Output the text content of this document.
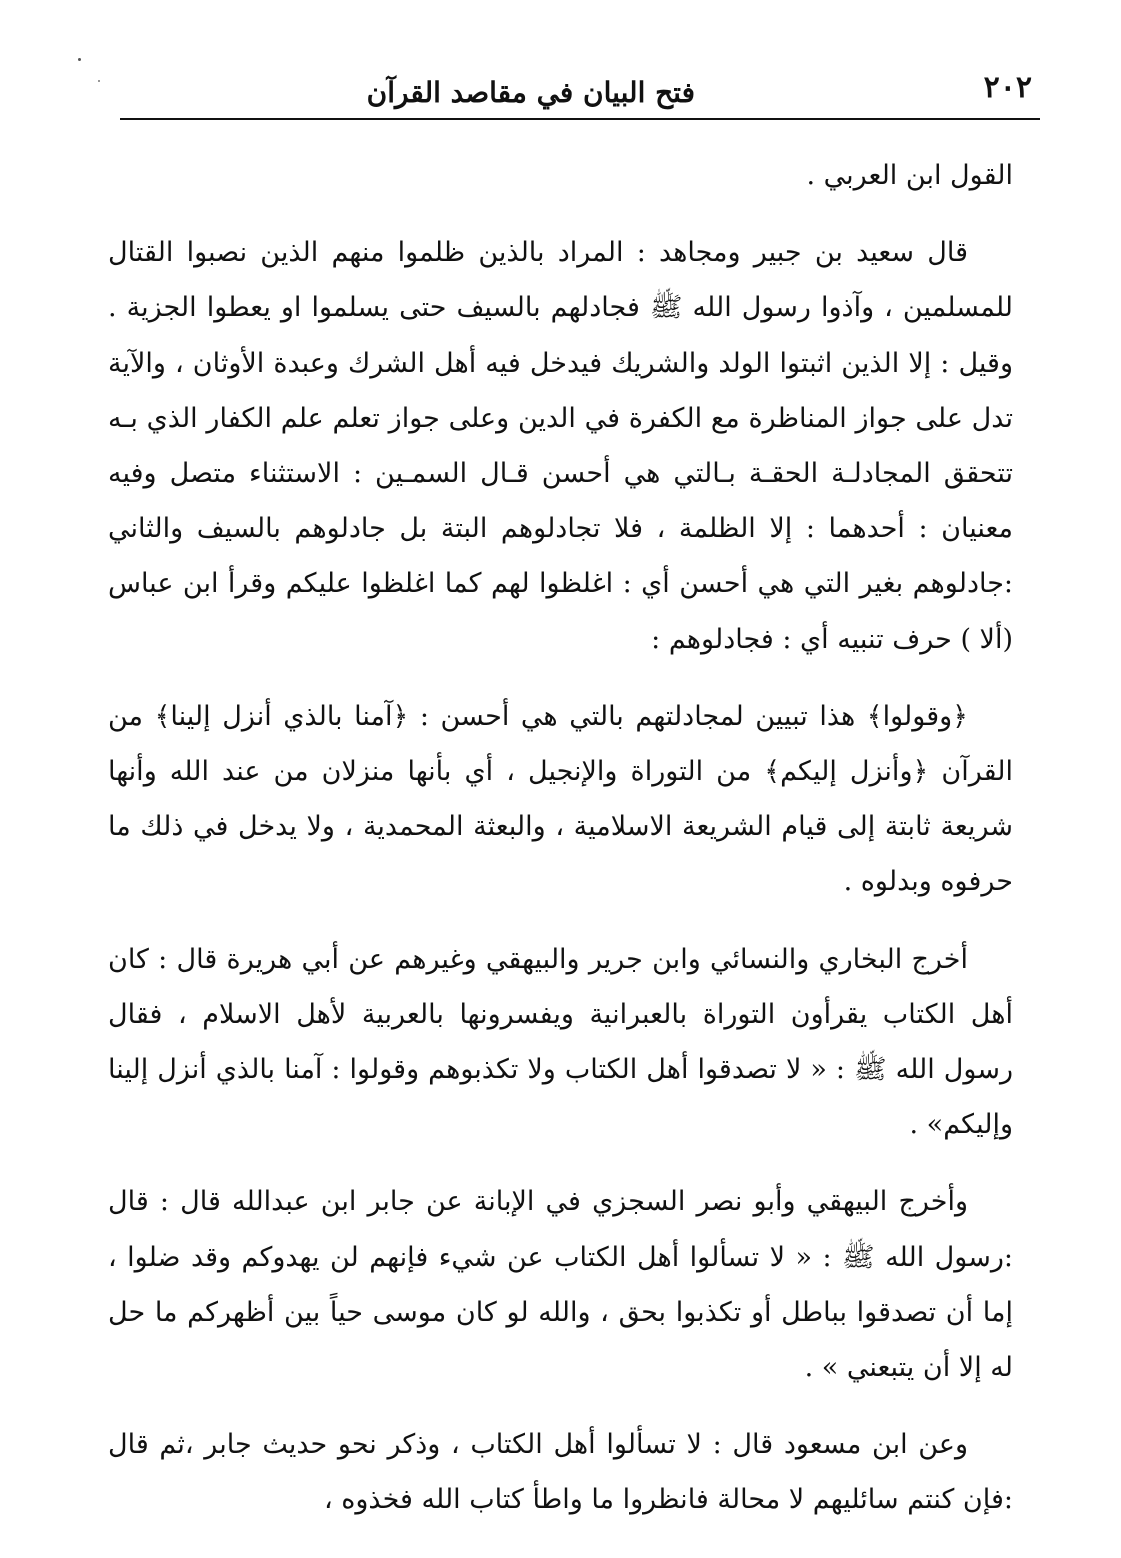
٢٠٢
فتح البيان في مقاصد القرآن

القول ابن العربي .

قال سعيد بن جبير ومجاهد : المراد بالذين ظلموا منهم الذين نصبوا القتال للمسلمين ، وآذوا رسول الله ﷺ فجادلهم بالسيف حتى يسلموا او يعطوا الجزية . وقيل : إلا الذين اثبتوا الولد والشريك فيدخل فيه أهل الشرك وعبدة الأوثان ، والآية تدل على جواز المناظرة مع الكفرة في الدين وعلى جواز تعلم علم الكفار الذي بـه تتحقق المجادلـة الحقـة بـالتي هي أحسن قـال السمـين : الاستثناء متصل وفيه معنيان : أحدهما : إلا الظلمة ، فلا تجادلوهم البتة بل جادلوهم بالسيف والثاني :جادلوهم بغير التي هي أحسن أي : اغلظوا لهم كما اغلظوا عليكم وقرأ ابن عباس (ألا ) حرف تنبيه أي : فجادلوهم :

﴿وقولوا﴾ هذا تبيين لمجادلتهم بالتي هي أحسن : ﴿آمنا بالذي أنزل إلينا﴾ من القرآن ﴿وأنزل إليكم﴾ من التوراة والإنجيل ، أي بأنها منزلان من عند الله وأنها شريعة ثابتة إلى قيام الشريعة الاسلامية ، والبعثة المحمدية ، ولا يدخل في ذلك ما حرفوه وبدلوه .

أخرج البخاري والنسائي وابن جرير والبيهقي وغيرهم عن أبي هريرة قال : كان أهل الكتاب يقرأون التوراة بالعبرانية ويفسرونها بالعربية لأهل الاسلام ، فقال رسول الله ﷺ : « لا تصدقوا أهل الكتاب ولا تكذبوهم وقولوا : آمنا بالذي أنزل إلينا وإليكم» .

وأخرج البيهقي وأبو نصر السجزي في الإبانة عن جابر ابن عبدالله قال : قال :رسول الله ﷺ : « لا تسألوا أهل الكتاب عن شيء فإنهم لن يهدوكم وقد ضلوا ، إما أن تصدقوا بباطل أو تكذبوا بحق ، والله لو كان موسى حياً بين أظهركم ما حل له إلا أن يتبعني » .

وعن ابن مسعود قال : لا تسألوا أهل الكتاب ، وذكر نحو حديث جابر ،ثم قال :فإن كنتم سائليهم لا محالة فانظروا ما واطأ كتاب الله فخذوه ،
